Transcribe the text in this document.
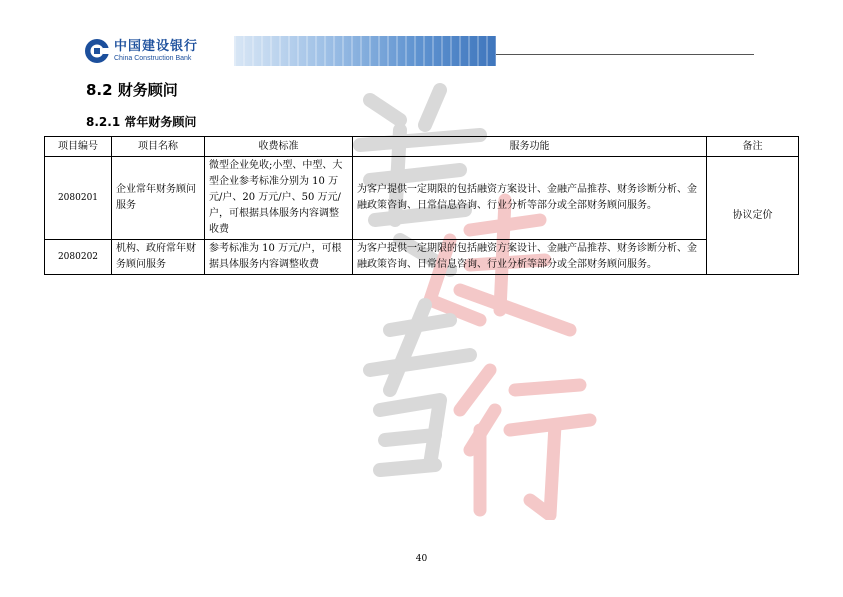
中国建设银行
China Construction Bank
8.2 财务顾问
8.2.1 常年财务顾问
项目编号	项目名称	收费标准	服务功能	备注
2080201	企业常年财务顾问服务	微型企业免收;小型、中型、大型企业参考标准分别为 10 万元/户、20 万元/户、50 万元/户，可根据具体服务内容调整收费	为客户提供一定期限的包括融资方案设计、金融产品推荐、财务诊断分析、金融政策咨询、日常信息咨询、行业分析等部分或全部财务顾问服务。	协议定价
2080202	机构、政府常年财务顾问服务	参考标准为 10 万元/户，可根据具体服务内容调整收费	为客户提供一定期限的包括融资方案设计、金融产品推荐、财务诊断分析、金融政策咨询、日常信息咨询、行业分析等部分或全部财务顾问服务。	
40
